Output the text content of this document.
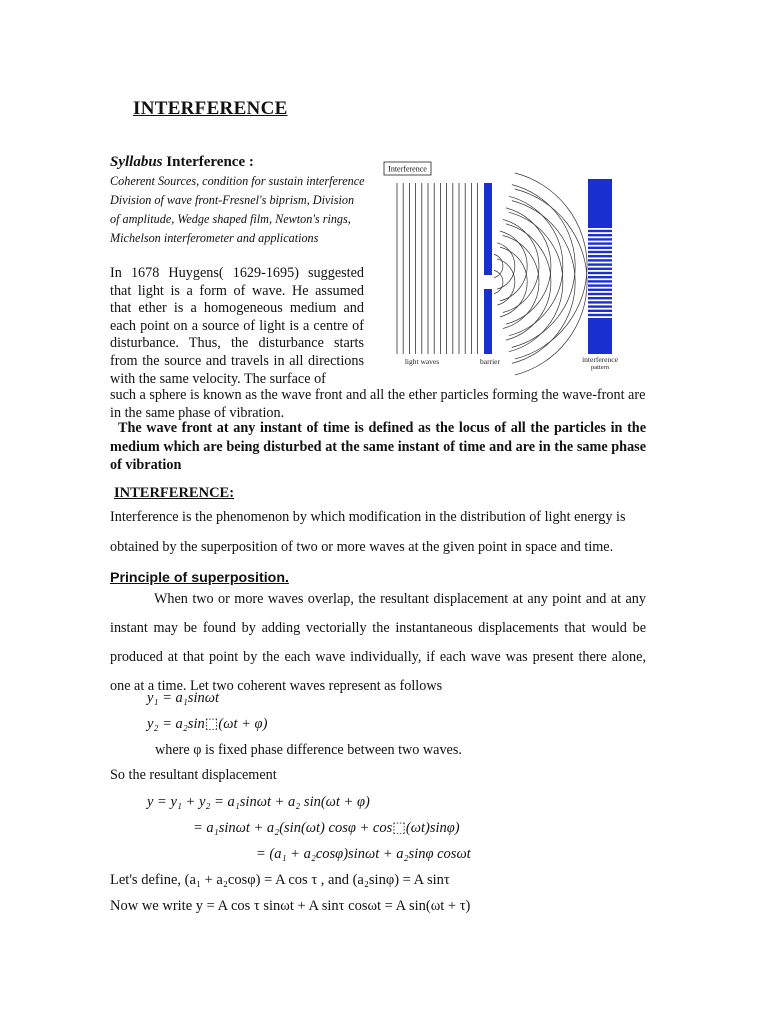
INTERFERENCE
Syllabus Interference :
Coherent Sources, condition for sustain interference
Division of wave front-Fresnel's biprism, Division
of amplitude, Wedge shaped film, Newton's rings,
Michelson interferometer and applications
Interference
light waves	barrier	interference
pattern
In 1678 Huygens( 1629-1695) suggested that light is a form of wave. He assumed that ether is a homogeneous medium and each point on a source of light is a centre of disturbance. Thus, the disturbance starts from the source and travels in all directions with the same velocity. The surface of
such a sphere is known as the wave front and all the ether particles forming the wave-front are in the same phase of vibration.
The wave front at any instant of time is defined as the locus of all the particles in the medium which are being disturbed at the same instant of time and are in the same phase of vibration
INTERFERENCE:
Interference is the phenomenon by which modification in the distribution of light energy is obtained by the superposition of two or more waves at the given point in space and time.
Principle of superposition.
When two or more waves overlap, the resultant displacement at any point and at any instant may be found by adding vectorially the instantaneous displacements that would be produced at that point by the each wave individually, if each wave was present there alone, one at a time. Let two coherent waves represent as follows
y₁ = a₁sinωt
y₂ = a₂sin⬚(ωt + φ)
where φ is fixed phase difference between two waves.
So the resultant displacement
y = y₁ + y₂ = a₁sinωt + a₂ sin(ωt + φ)
= a₁sinωt + a₂(sin(ωt) cosφ + cos⬚(ωt)sinφ)
= (a₁ + a₂cosφ)sinωt + a₂sinφ cosωt
Let's define, (a₁ + a₂cosφ) = A cos τ , and (a₂sinφ) = A sinτ
Now we write y = A cos τ sinωt + A sinτ cosωt = A sin(ωt + τ)
